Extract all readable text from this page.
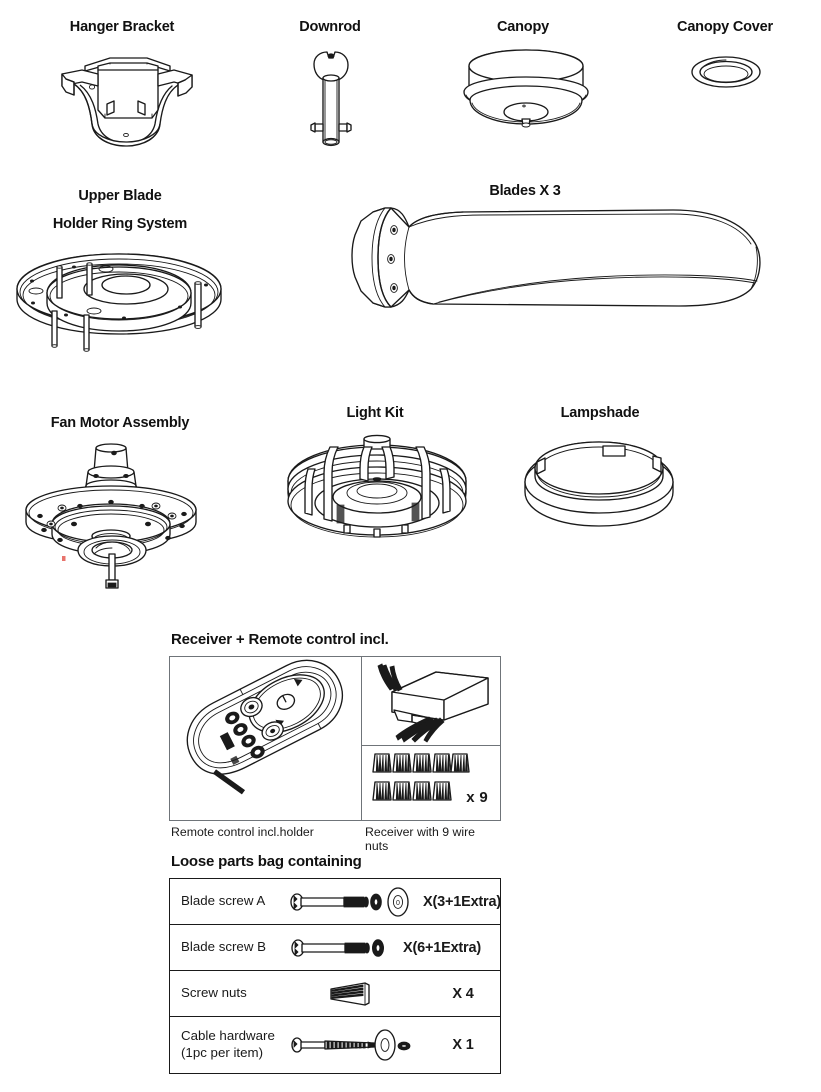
Hanger Bracket	Downrod	Canopy	Canopy Cover
Upper Blade
Holder Ring System
Blades X 3
Fan Motor Assembly
Light Kit	Lampshade
Receiver + Remote control incl.
x 9
Remote control incl.holder	Receiver with 9 wire nuts
Loose parts bag containing
Blade screw A	0 X(3+1Extra)
Blade screw B	X(6+1Extra)
Screw nuts	X 4
Cable hardware
(1pc per item)	X 1
